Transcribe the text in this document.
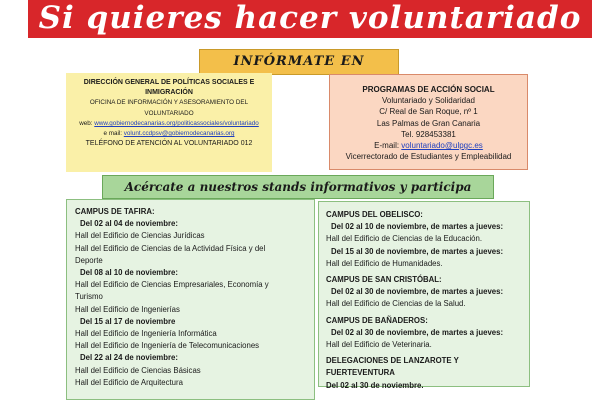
Si quieres hacer voluntariado
INFÓRMATE EN
DIRECCIÓN GENERAL DE POLÍTICAS SOCIALES E
INMIGRACIÓN
OFICINA DE INFORMACIÓN Y ASESORAMIENTO DEL VOLUNTARIADO
web: www.gobiernodecanarias.org/politicassociales/voluntariado
e mail: volunt.ccdpsv@gobiernodecanarias.org
TELÉFONO DE ATENCIÓN AL VOLUNTARIADO 012
PROGRAMAS DE ACCIÓN SOCIAL
Voluntariado y Solidaridad
C/ Real de San Roque, nº 1
Las Palmas de Gran Canaria
Tel. 928453381
E-mail: voluntariado@ulpgc.es
Vicerrectorado de Estudiantes y Empleabilidad
Acércate a nuestros stands informativos y participa
CAMPUS DE TAFIRA:
Del 02 al 04 de noviembre:
Hall del Edificio de Ciencias Jurídicas
Hall del Edificio de Ciencias de la Actividad Física y del
Deporte
Del 08 al 10 de noviembre:
Hall del Edificio de Ciencias Empresariales, Economía y
Turismo
Hall del Edificio de Ingenierías
Del 15 al 17 de noviembre
Hall del Edificio de Ingeniería Informática
Hall del Edificio de Ingeniería de Telecomunicaciones
Del 22 al 24 de noviembre:
Hall del Edificio de Ciencias Básicas
Hall del Edificio de Arquitectura
CAMPUS DEL OBELISCO:
Del 02 al 10 de noviembre, de martes a jueves:
Hall del Edificio de Ciencias de la Educación.
Del 15 al 30 de noviembre, de martes a jueves:
Hall del Edificio de Humanidades.
CAMPUS DE SAN CRISTÓBAL:
Del 02 al 30 de noviembre, de martes a jueves:
Hall del Edificio de Ciencias de la Salud.
CAMPUS DE BAÑADEROS:
Del 02 al 30 de noviembre, de martes a jueves:
Hall del Edificio de Veterinaria.
DELEGACIONES DE LANZAROTE Y FUERTEVENTURA
Del 02 al 30 de noviembre.
